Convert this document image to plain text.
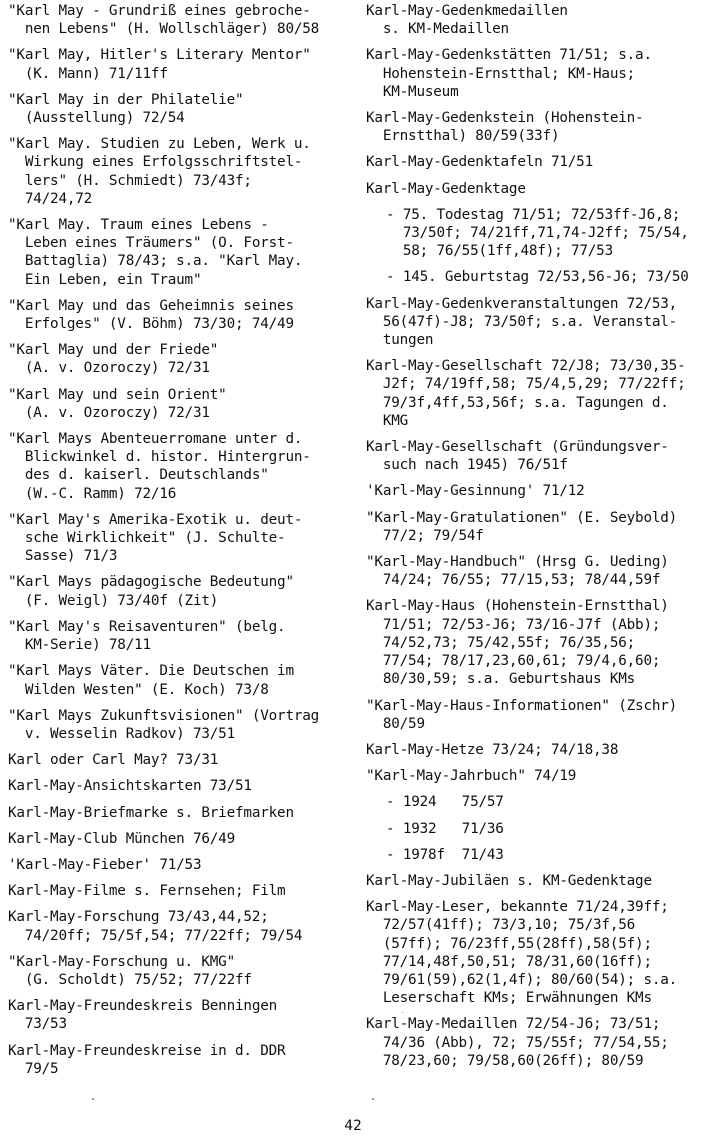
"Karl May - Grundriß eines gebroche-
nen Lebens" (H. Wollschläger) 80/58
"Karl May, Hitler's Literary Mentor"
(K. Mann) 71/11ff
"Karl May in der Philatelie"
(Ausstellung) 72/54
"Karl May. Studien zu Leben, Werk u.
Wirkung eines Erfolgsschriftstel-
lers" (H. Schmiedt) 73/43f;
74/24,72
"Karl May. Traum eines Lebens -
Leben eines Träumers" (O. Forst-
Battaglia) 78/43; s.a. "Karl May.
Ein Leben, ein Traum"
"Karl May und das Geheimnis seines
Erfolges" (V. Böhm) 73/30; 74/49
"Karl May und der Friede"
(A. v. Ozoroczy) 72/31
"Karl May und sein Orient"
(A. v. Ozoroczy) 72/31
"Karl Mays Abenteuerromane unter d.
Blickwinkel d. histor. Hintergrun-
des d. kaiserl. Deutschlands"
(W.-C. Ramm) 72/16
"Karl May's Amerika-Exotik u. deut-
sche Wirklichkeit" (J. Schulte-
Sasse) 71/3
"Karl Mays pädagogische Bedeutung"
(F. Weigl) 73/40f (Zit)
"Karl May's Reisaventuren" (belg.
KM-Serie) 78/11
"Karl Mays Väter. Die Deutschen im
Wilden Westen" (E. Koch) 73/8
"Karl Mays Zukunftsvisionen" (Vortrag
v. Wesselin Radkov) 73/51
Karl oder Carl May? 73/31
Karl-May-Ansichtskarten 73/51
Karl-May-Briefmarke s. Briefmarken
Karl-May-Club München 76/49
'Karl-May-Fieber' 71/53
Karl-May-Filme s. Fernsehen; Film
Karl-May-Forschung 73/43,44,52;
74/20ff; 75/5f,54; 77/22ff; 79/54
"Karl-May-Forschung u. KMG"
(G. Scholdt) 75/52; 77/22ff
Karl-May-Freundeskreis Benningen
73/53
Karl-May-Freundeskreise in d. DDR
79/5
Karl-May-Gedenkmedaillen
s. KM-Medaillen
Karl-May-Gedenkstätten 71/51; s.a.
Hohenstein-Ernstthal; KM-Haus;
KM-Museum
Karl-May-Gedenkstein (Hohenstein-
Ernstthal) 80/59(33f)
Karl-May-Gedenktafeln 71/51
Karl-May-Gedenktage
- 75. Todestag 71/51; 72/53ff-J6,8;
73/50f; 74/21ff,71,74-J2ff; 75/54,
58; 76/55(1ff,48f); 77/53
- 145. Geburtstag 72/53,56-J6; 73/50
Karl-May-Gedenkveranstaltungen 72/53,
56(47f)-J8; 73/50f; s.a. Veranstal-
tungen
Karl-May-Gesellschaft 72/J8; 73/30,35-
J2f; 74/19ff,58; 75/4,5,29; 77/22ff;
79/3f,4ff,53,56f; s.a. Tagungen d.
KMG
Karl-May-Gesellschaft (Gründungsver-
such nach 1945) 76/51f
'Karl-May-Gesinnung' 71/12
"Karl-May-Gratulationen" (E. Seybold)
77/2; 79/54f
"Karl-May-Handbuch" (Hrsg G. Ueding)
74/24; 76/55; 77/15,53; 78/44,59f
Karl-May-Haus (Hohenstein-Ernstthal)
71/51; 72/53-J6; 73/16-J7f (Abb);
74/52,73; 75/42,55f; 76/35,56;
77/54; 78/17,23,60,61; 79/4,6,60;
80/30,59; s.a. Geburtshaus KMs
"Karl-May-Haus-Informationen" (Zschr)
80/59
Karl-May-Hetze 73/24; 74/18,38
"Karl-May-Jahrbuch" 74/19
- 1924   75/57
- 1932   71/36
- 1978f  71/43
Karl-May-Jubiläen s. KM-Gedenktage
Karl-May-Leser, bekannte 71/24,39ff;
72/57(41ff); 73/3,10; 75/3f,56
(57ff); 76/23ff,55(28ff),58(5f);
77/14,48f,50,51; 78/31,60(16ff);
79/61(59),62(1,4f); 80/60(54); s.a.
Leserschaft KMs; Erwähnungen KMs
Karl-May-Medaillen 72/54-J6; 73/51;
74/36 (Abb), 72; 75/55f; 77/54,55;
78/23,60; 79/58,60(26ff); 80/59
42
